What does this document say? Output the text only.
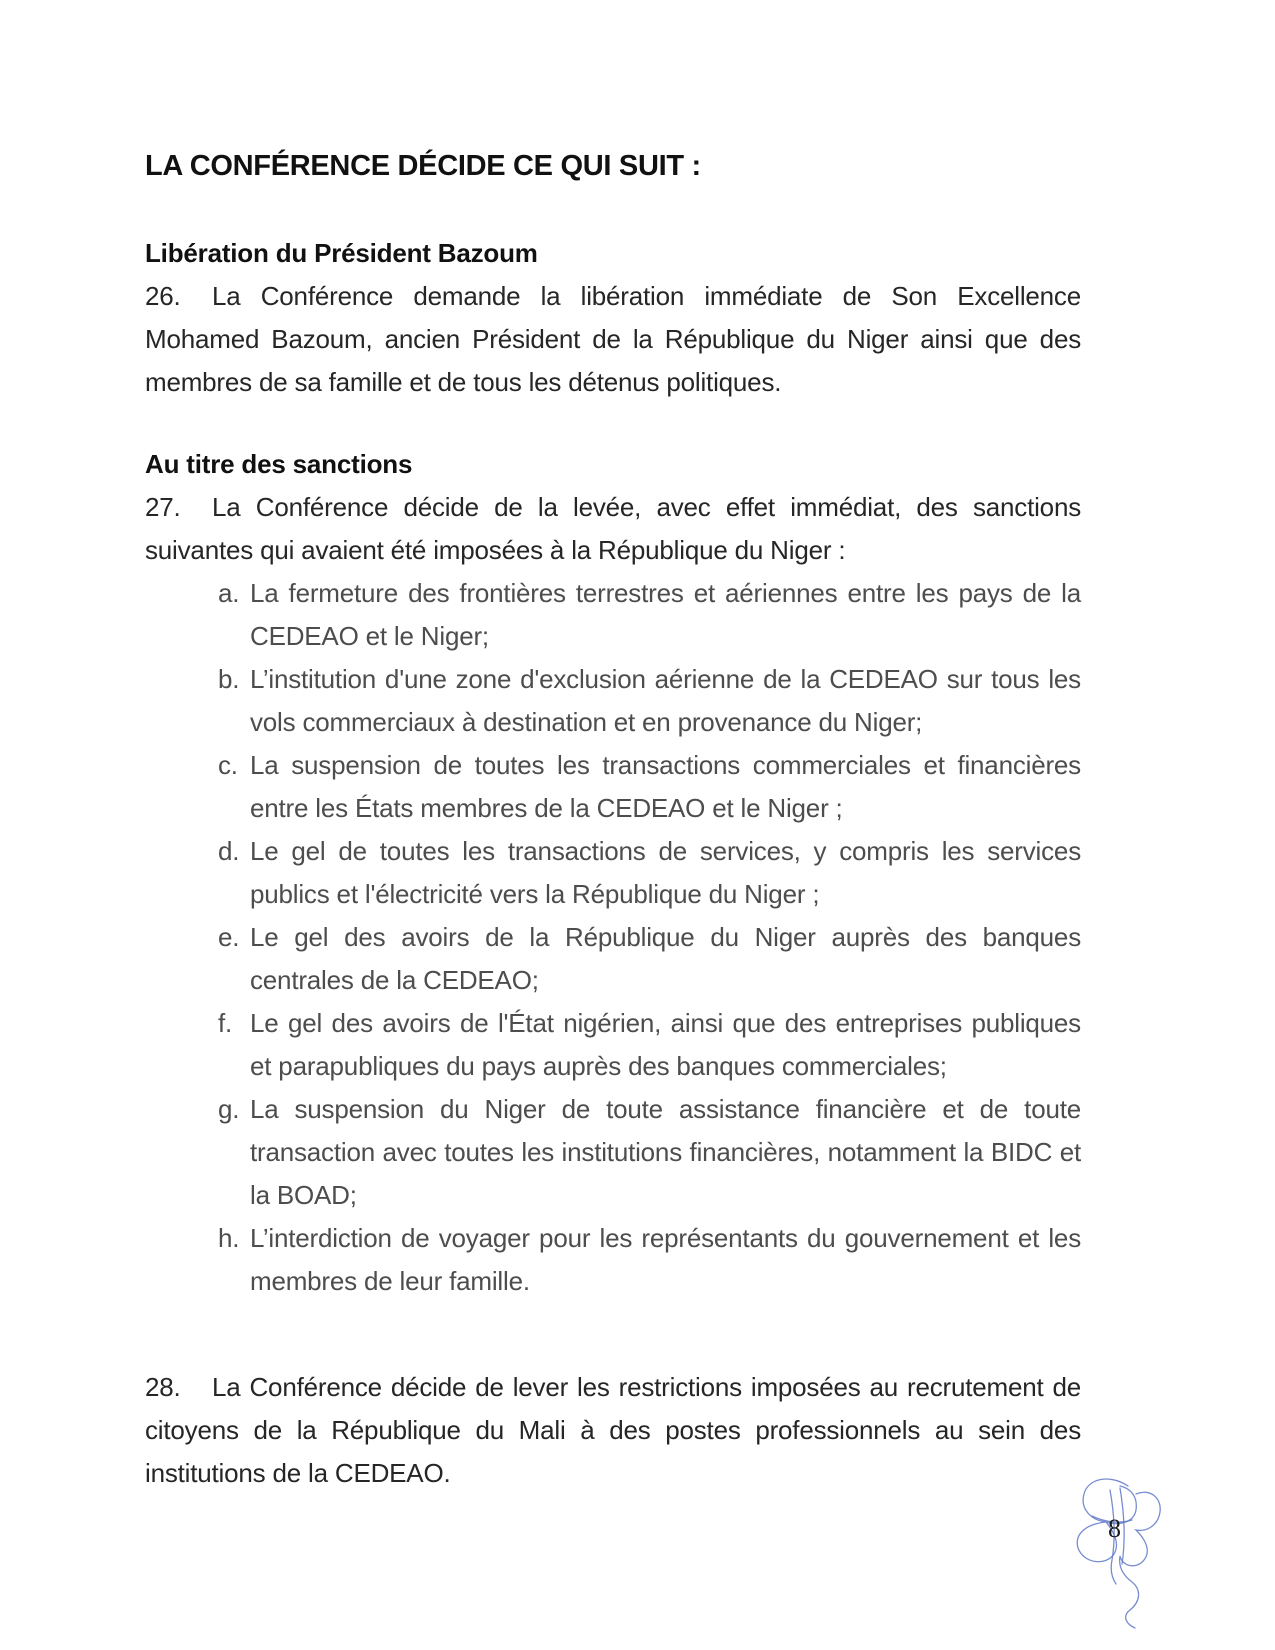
LA CONFÉRENCE DÉCIDE CE QUI SUIT :
Libération du Président Bazoum

26. La Conférence demande la libération immédiate de Son Excellence Mohamed Bazoum, ancien Président de la République du Niger ainsi que des membres de sa famille et de tous les détenus politiques.

Au titre des sanctions

27. La Conférence décide de la levée, avec effet immédiat, des sanctions suivantes qui avaient été imposées à la République du Niger :

a. La fermeture des frontières terrestres et aériennes entre les pays de la CEDEAO et le Niger;
b. L’institution d'une zone d'exclusion aérienne de la CEDEAO sur tous les vols commerciaux à destination et en provenance du Niger;
c. La suspension de toutes les transactions commerciales et financières entre les États membres de la CEDEAO et le Niger ;
d. Le gel de toutes les transactions de services, y compris les services publics et l'électricité vers la République du Niger ;
e. Le gel des avoirs de la République du Niger auprès des banques centrales de la CEDEAO;
f. Le gel des avoirs de l'État nigérien, ainsi que des entreprises publiques et parapubliques du pays auprès des banques commerciales;
g. La suspension du Niger de toute assistance financière et de toute transaction avec toutes les institutions financières, notamment la BIDC et la BOAD;
h. L’interdiction de voyager pour les représentants du gouvernement et les membres de leur famille.

28. La Conférence décide de lever les restrictions imposées au recrutement de citoyens de la République du Mali à des postes professionnels au sein des institutions de la CEDEAO.

8
